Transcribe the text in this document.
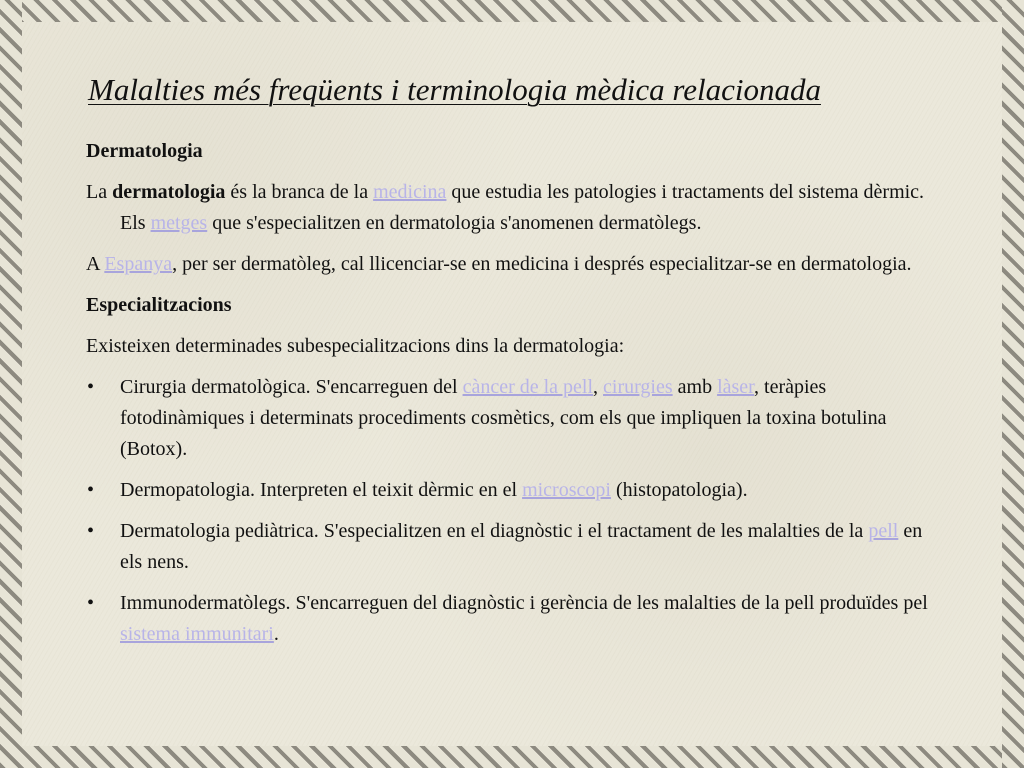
Malalties més freqüents i terminologia mèdica relacionada

Dermatologia

La dermatologia és la branca de la medicina que estudia les patologies i tractaments del sistema dèrmic. Els metges que s'especialitzen en dermatologia s'anomenen dermatòlegs.

A Espanya, per ser dermatòleg, cal llicenciar-se en medicina i després especialitzar-se en dermatologia.

Especialitzacions

Existeixen determinades subespecialitzacions dins la dermatologia:

• Cirurgia dermatològica. S'encarreguen del càncer de la pell, cirurgies amb làser, teràpies fotodinàmiques i determinats procediments cosmètics, com els que impliquen la toxina botulina (Botox).
• Dermopatologia. Interpreten el teixit dèrmic en el microscopi (histopatologia).
• Dermatologia pediàtrica. S'especialitzen en el diagnòstic i el tractament de les malalties de la pell en els nens.
• Immunodermatòlegs. S'encarreguen del diagnòstic i gerència de les malalties de la pell produïdes pel sistema immunitari.
